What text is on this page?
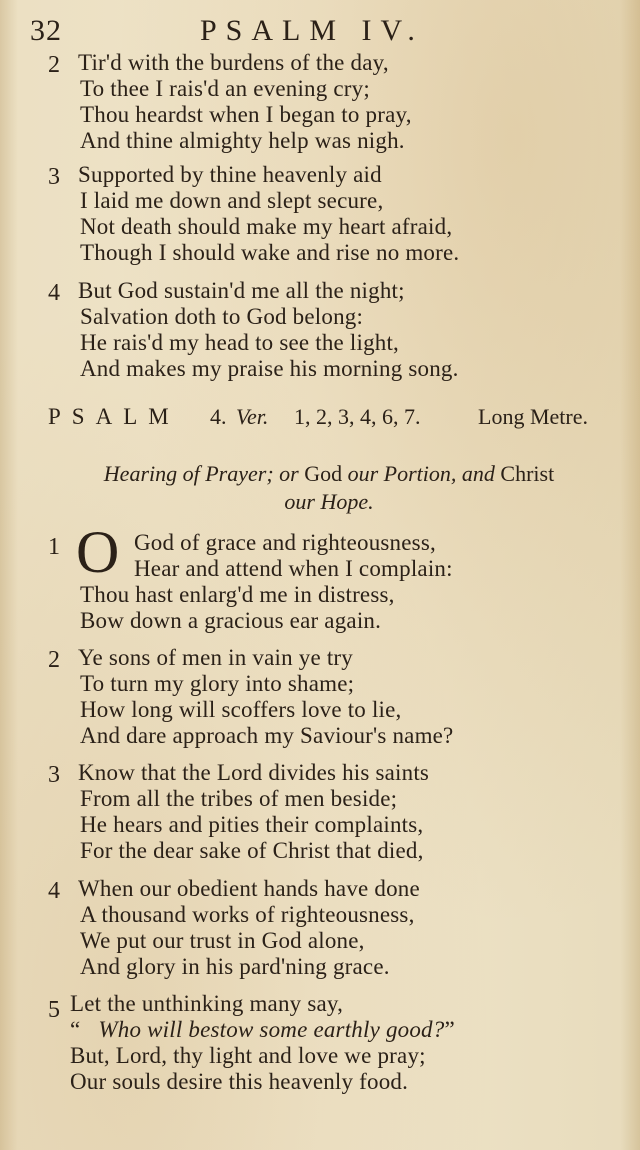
32	PSALM IV.
2 Tir'd with the burdens of the day,
To thee I rais'd an evening cry;
Thou heardst when I began to pray,
And thine almighty help was nigh.
3 Supported by thine heavenly aid
I laid me down and slept secure,
Not death should make my heart afraid,
Though I should wake and rise no more.
4 But God sustain'd me all the night;
Salvation doth to God belong:
He rais'd my head to see the light,
And makes my praise his morning song.
PSALM 4. Ver. 1, 2, 3, 4, 6, 7.	Long Metre.
Hearing of Prayer; or God our Portion, and Christ
our Hope.
O
1	God of grace and righteousness,
Hear and attend when I complain:
Thou hast enlarg'd me in distress,
Bow down a gracious ear again.
2 Ye sons of men in vain ye try
To turn my glory into shame;
How long will scoffers love to lie,
And dare approach my Saviour's name?
3 Know that the Lord divides his saints
From all the tribes of men beside;
He hears and pities their complaints,
For the dear sake of Christ that died,
4 When our obedient hands have done
A thousand works of righteousness,
We put our trust in God alone,
And glory in his pard'ning grace.
5 Let the unthinking many say,
“ Who will bestow some earthly good?”
But, Lord, thy light and love we pray;
Our souls desire this heavenly food.
